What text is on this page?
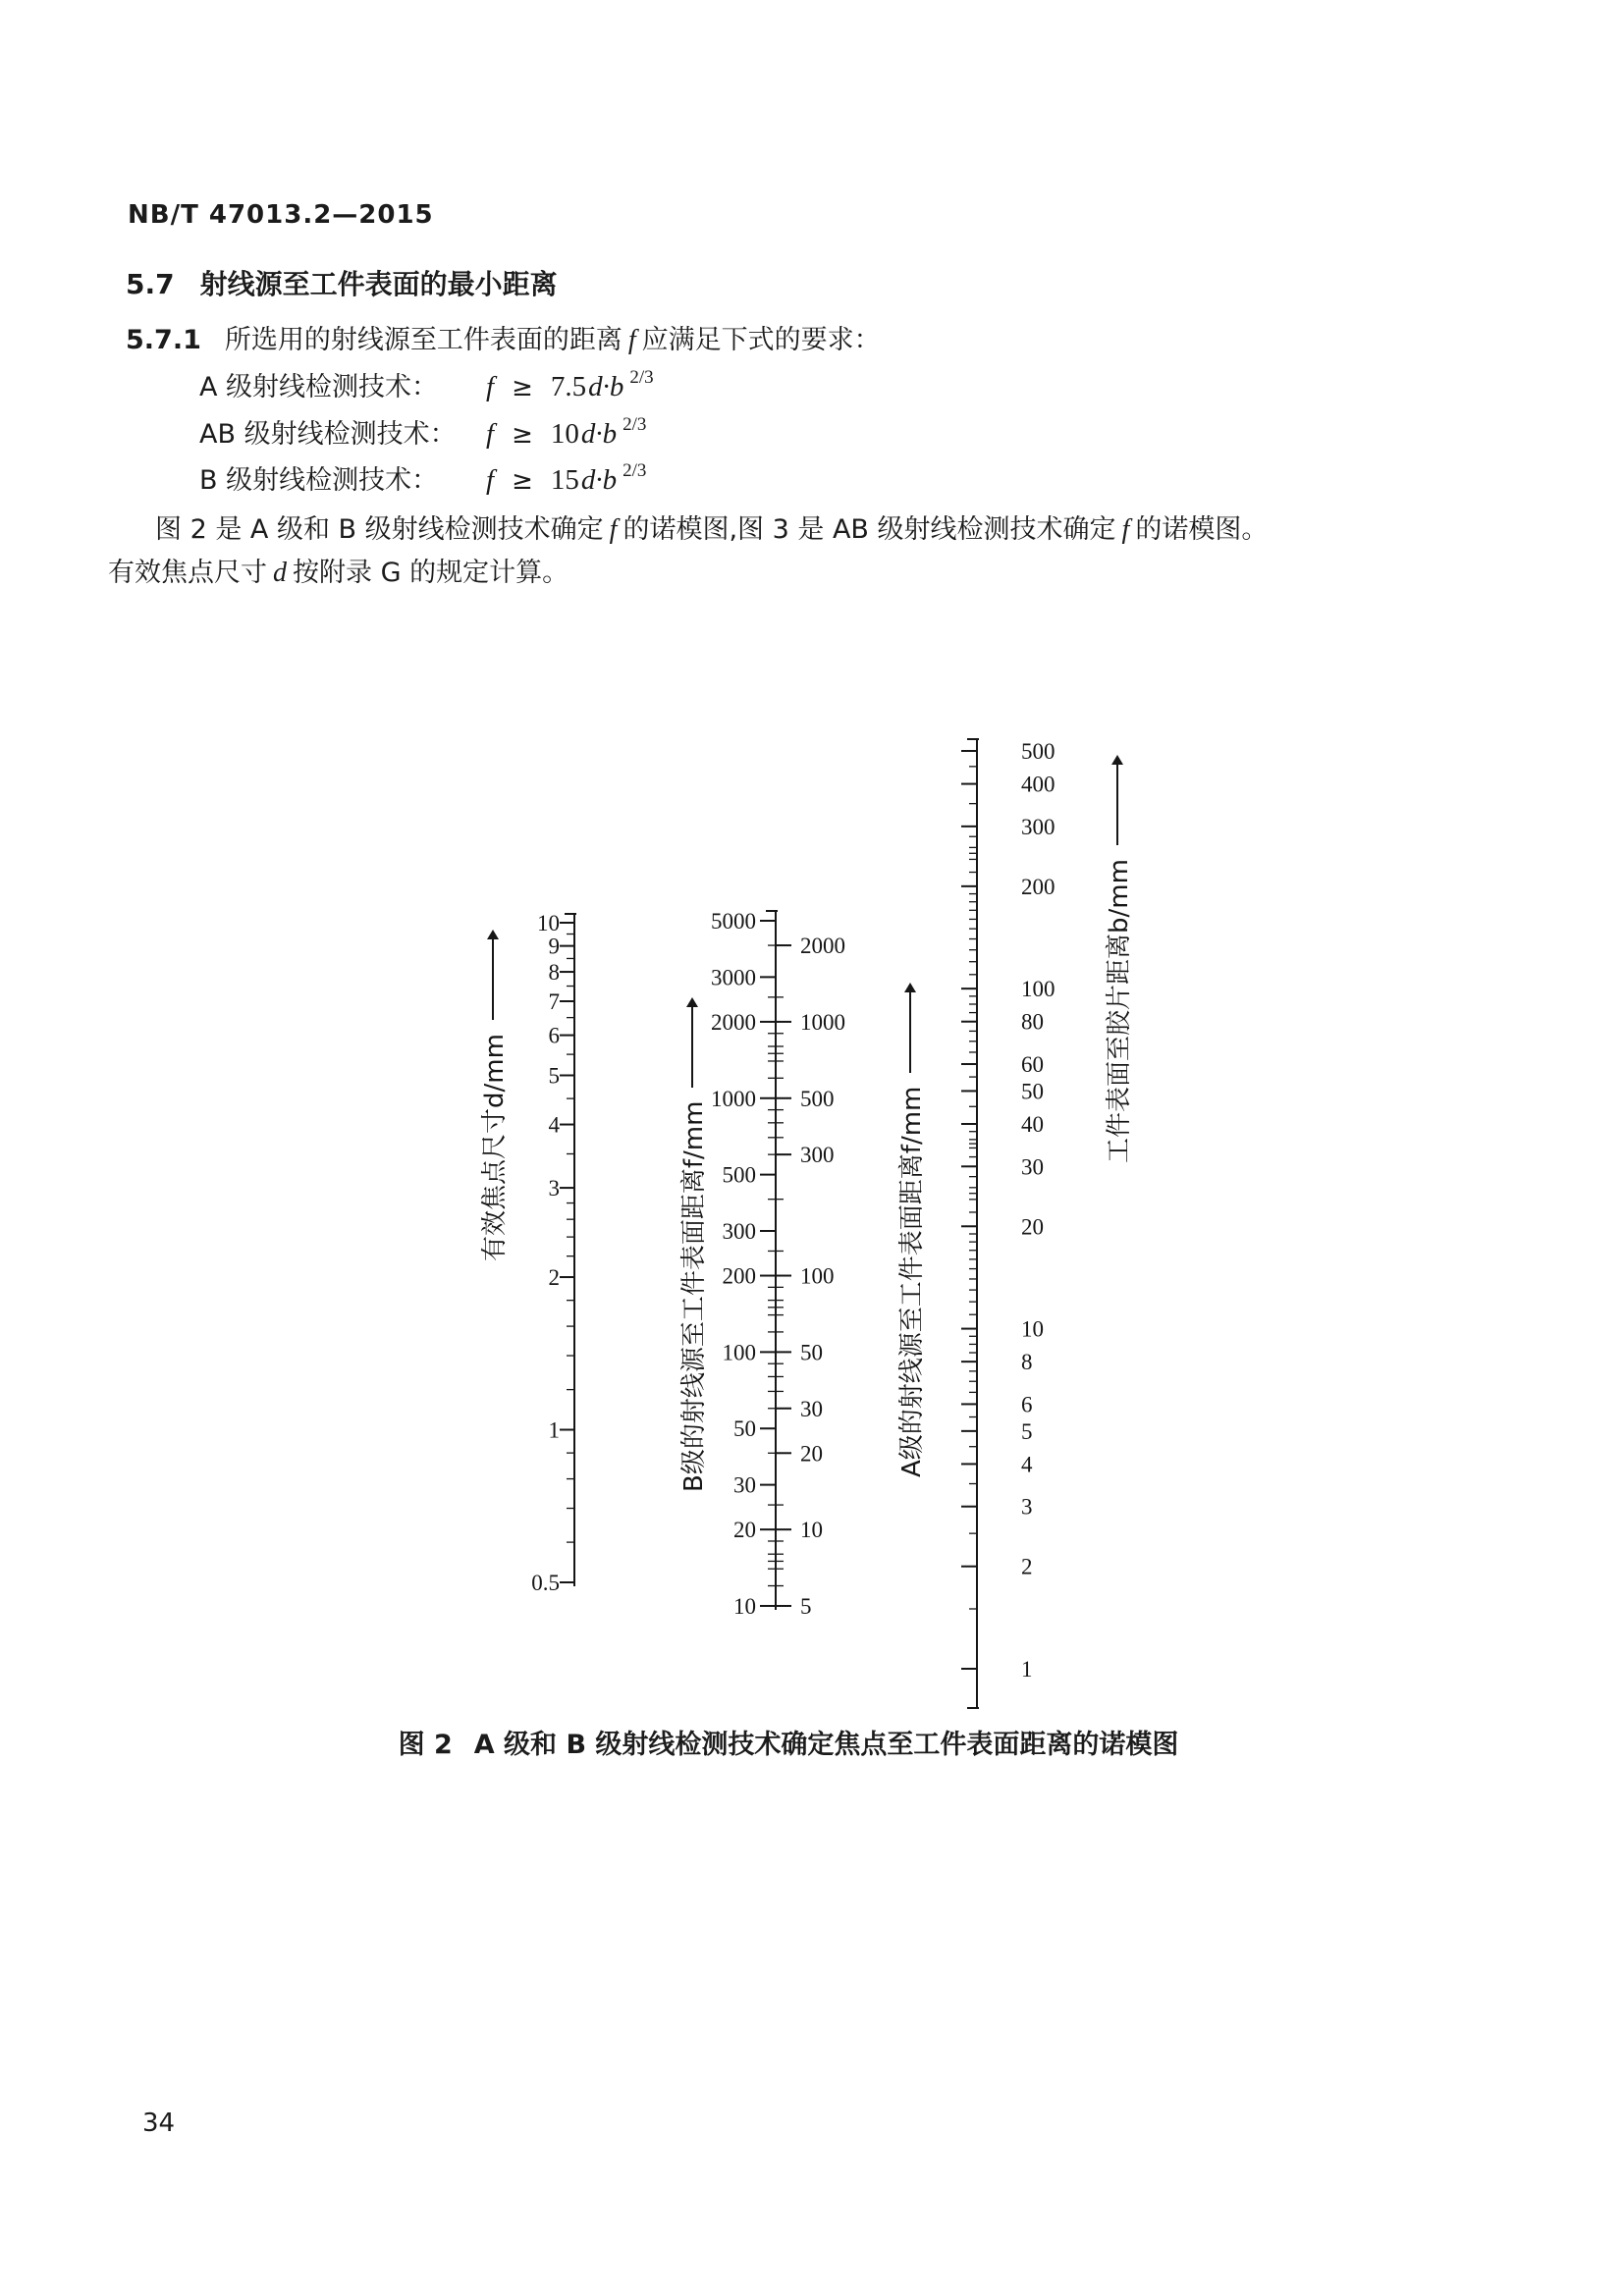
NB/T 47013.2—2015
5.7 射线源至工件表面的最小距离
5.7.1 所选用的射线源至工件表面的距离 f 应满足下式的要求：
A 级射线检测技术： f ≥ 7.5d·b $^{2/3}$
AB 级射线检测技术： f ≥ 10d·b $^{2/3}$
B 级射线检测技术： f ≥ 15d·b $^{2/3}$
图 2 是 A 级和 B 级射线检测技术确定 f 的诺模图,图 3 是 AB 级射线检测技术确定 f 的诺模图。
有效焦点尺寸 d 按附录 G 的规定计算。
10
9
8
7
6
5
4
3
2
1
0.5
5000
3000
2000
1000
500
300
200
100
50
30
20
10
2000
1000
500
300
100
50
30
20
10
5
500
400
300
200
100
80
60
50
40
30
20
10
8
6
5
4
3
2
1
有效焦点尺寸d/mm	B级的射线源至工件表面距离f/mm	A级的射线源至工件表面距离f/mm
工件表面至胶片距离b/mm
图 2 A 级和 B 级射线检测技术确定焦点至工件表面距离的诺模图
34
